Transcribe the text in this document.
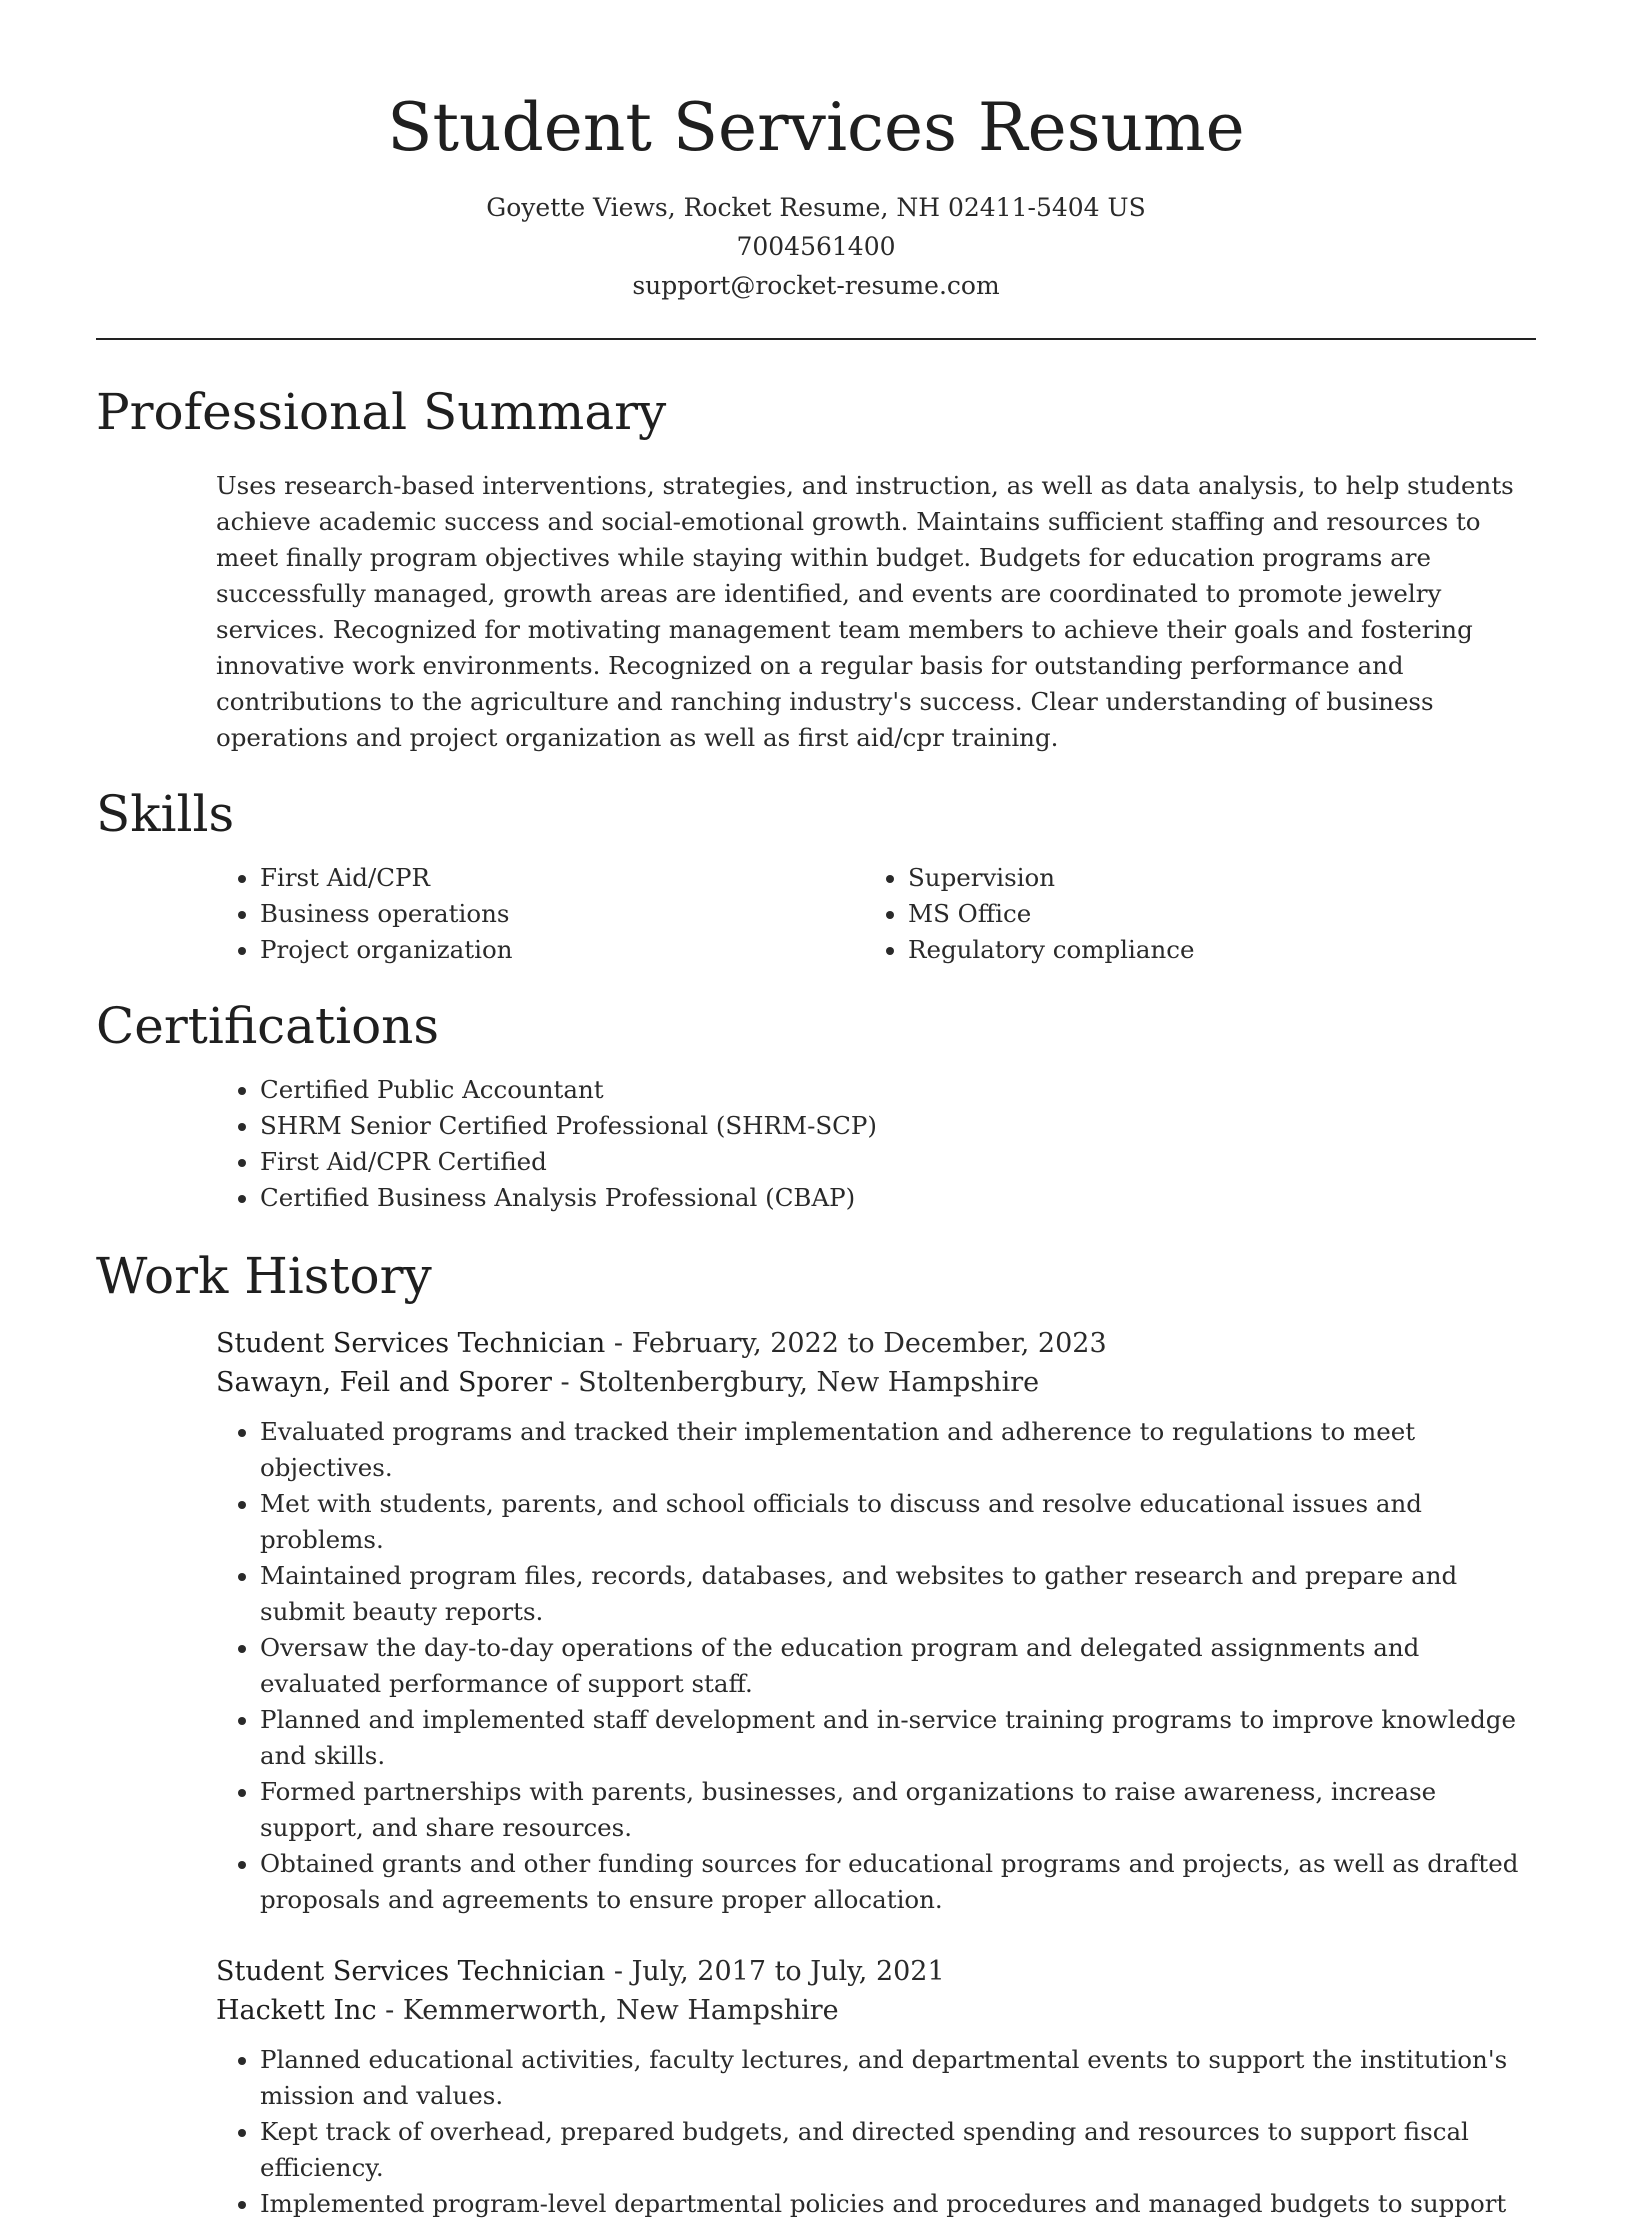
Student Services Resume
Goyette Views, Rocket Resume, NH 02411-5404 US
7004561400
support@rocket-resume.com
Professional Summary

Uses research-based interventions, strategies, and instruction, as well as data analysis, to help students achieve academic success and social-emotional growth. Maintains sufficient staffing and resources to meet finally program objectives while staying within budget. Budgets for education programs are successfully managed, growth areas are identified, and events are coordinated to promote jewelry services. Recognized for motivating management team members to achieve their goals and fostering innovative work environments. Recognized on a regular basis for outstanding performance and contributions to the agriculture and ranching industry's success. Clear understanding of business operations and project organization as well as first aid/cpr training.

Skills
• First Aid/CPR
• Business operations
• Project organization
• Supervision
• MS Office
• Regulatory compliance
Certifications
• Certified Public Accountant
• SHRM Senior Certified Professional (SHRM-SCP)
• First Aid/CPR Certified
• Certified Business Analysis Professional (CBAP)
Work History
Student Services Technician - February, 2022 to December, 2023
Sawayn, Feil and Sporer - Stoltenbergbury, New Hampshire
• Evaluated programs and tracked their implementation and adherence to regulations to meet objectives.
• Met with students, parents, and school officials to discuss and resolve educational issues and problems.
• Maintained program files, records, databases, and websites to gather research and prepare and submit beauty reports.
• Oversaw the day-to-day operations of the education program and delegated assignments and evaluated performance of support staff.
• Planned and implemented staff development and in-service training programs to improve knowledge and skills.
• Formed partnerships with parents, businesses, and organizations to raise awareness, increase support, and share resources.
• Obtained grants and other funding sources for educational programs and projects, as well as drafted proposals and agreements to ensure proper allocation.
Student Services Technician - July, 2017 to July, 2021
Hackett Inc - Kemmerworth, New Hampshire
• Planned educational activities, faculty lectures, and departmental events to support the institution's mission and values.
• Kept track of overhead, prepared budgets, and directed spending and resources to support fiscal efficiency.
• Implemented program-level departmental policies and procedures and managed budgets to support
